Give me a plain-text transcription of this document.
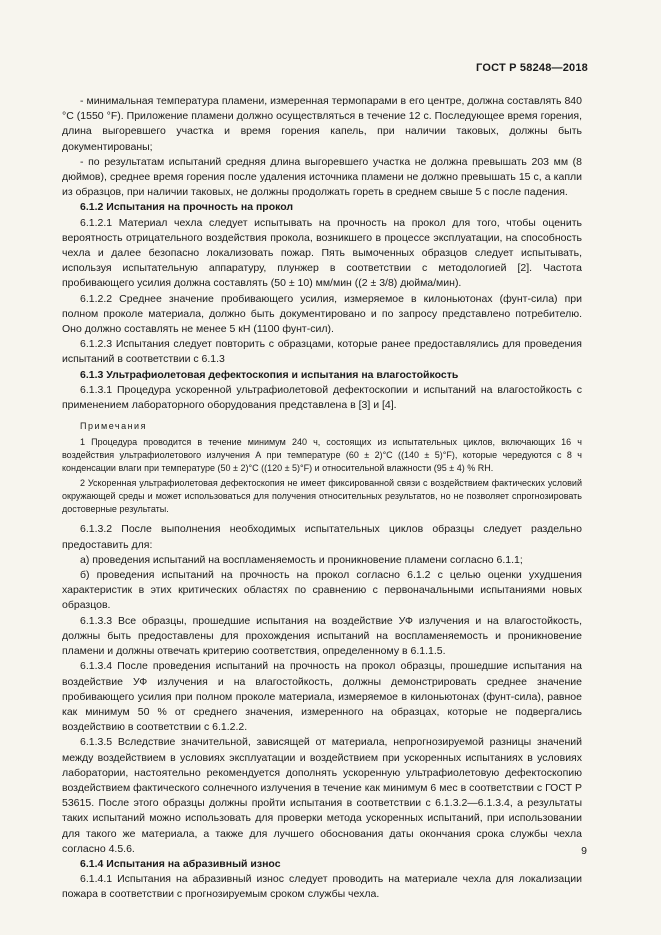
ГОСТ Р 58248—2018

- минимальная температура пламени, измеренная термопарами в его центре, должна составлять 840 °С (1550 °F). Приложение пламени должно осуществляться в течение 12 с. Последующее время горения, длина выгоревшего участка и время горения капель, при наличии таковых, должны быть документированы;

- по результатам испытаний средняя длина выгоревшего участка не должна превышать 203 мм (8 дюймов), среднее время горения после удаления источника пламени не должно превышать 15 с, а капли из образцов, при наличии таковых, не должны продолжать гореть в среднем свыше 5 с после падения.

6.1.2 Испытания на прочность на прокол

6.1.2.1 Материал чехла следует испытывать на прочность на прокол для того, чтобы оценить вероятность отрицательного воздействия прокола, возникшего в процессе эксплуатации, на способность чехла и далее безопасно локализовать пожар. Пять вымоченных образцов следует испытывать, используя испытательную аппаратуру, плунжер в соответствии с методологией [2]. Частота пробивающего усилия должна составлять (50 ± 10) мм/мин ((2 ± 3/8) дюйма/мин).

6.1.2.2 Среднее значение пробивающего усилия, измеряемое в килоньютонах (фунт-сила) при полном проколе материала, должно быть документировано и по запросу представлено потребителю. Оно должно составлять не менее 5 кН (1100 фунт-сил).

6.1.2.3 Испытания следует повторить с образцами, которые ранее предоставлялись для проведения испытаний в соответствии с 6.1.3

6.1.3 Ультрафиолетовая дефектоскопия и испытания на влагостойкость

6.1.3.1 Процедура ускоренной ультрафиолетовой дефектоскопии и испытаний на влагостойкость с применением лабораторного оборудования представлена в [3] и [4].

Примечания

1 Процедура проводится в течение минимум 240 ч, состоящих из испытательных циклов, включающих 16 ч воздействия ультрафиолетового излучения А при температуре (60 ± 2)°С ((140 ± 5)°F), которые чередуются с 8 ч конденсации влаги при температуре (50 ± 2)°С ((120 ± 5)°F) и относительной влажности (95 ± 4) % RH.

2 Ускоренная ультрафиолетовая дефектоскопия не имеет фиксированной связи с воздействием фактических условий окружающей среды и может использоваться для получения относительных результатов, но не позволяет спрогнозировать достоверные результаты.

6.1.3.2 После выполнения необходимых испытательных циклов образцы следует раздельно предоставить для:

а) проведения испытаний на воспламеняемость и проникновение пламени согласно 6.1.1;

б) проведения испытаний на прочность на прокол согласно 6.1.2 с целью оценки ухудшения характеристик в этих критических областях по сравнению с первоначальными испытаниями новых образцов.

6.1.3.3 Все образцы, прошедшие испытания на воздействие УФ излучения и на влагостойкость, должны быть предоставлены для прохождения испытаний на воспламеняемость и проникновение пламени и должны отвечать критерию соответствия, определенному в 6.1.1.5.

6.1.3.4 После проведения испытаний на прочность на прокол образцы, прошедшие испытания на воздействие УФ излучения и на влагостойкость, должны демонстрировать среднее значение пробивающего усилия при полном проколе материала, измеряемое в килоньютонах (фунт-сила), равное как минимум 50 % от среднего значения, измеренного на образцах, которые не подвергались воздействию в соответствии с 6.1.2.2.

6.1.3.5 Вследствие значительной, зависящей от материала, непрогнозируемой разницы значений между воздействием в условиях эксплуатации и воздействием при ускоренных испытаниях в условиях лаборатории, настоятельно рекомендуется дополнять ускоренную ультрафиолетовую дефектоскопию воздействием фактического солнечного излучения в течение как минимум 6 мес в соответствии с ГОСТ Р 53615. После этого образцы должны пройти испытания в соответствии с 6.1.3.2—6.1.3.4, а результаты таких испытаний можно использовать для проверки метода ускоренных испытаний, при использовании для такого же материала, а также для лучшего обоснования даты окончания срока службы чехла согласно 4.5.6.

6.1.4 Испытания на абразивный износ

6.1.4.1 Испытания на абразивный износ следует проводить на материале чехла для локализации пожара в соответствии с прогнозируемым сроком службы чехла.

9
